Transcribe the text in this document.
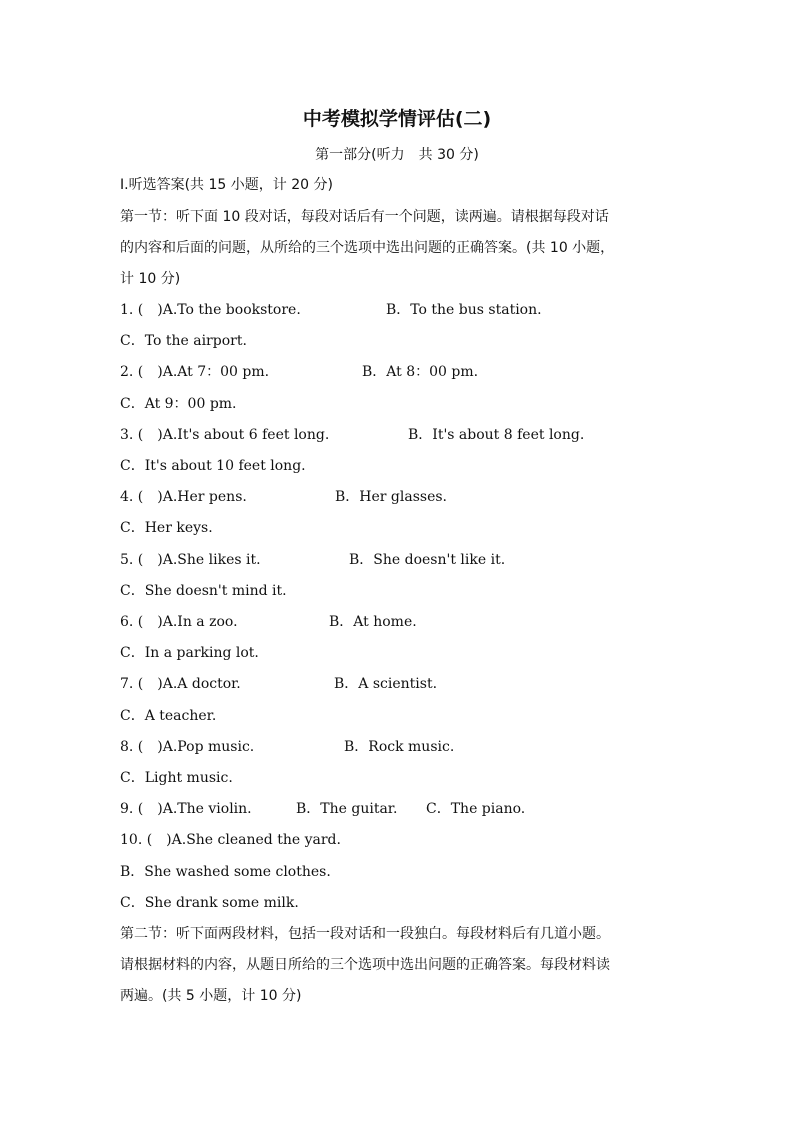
中考模拟学情评估(二)
第一部分(听力　共 30 分)
Ⅰ.听选答案(共 15 小题，计 20 分)
第一节：听下面 10 段对话，每段对话后有一个问题，读两遍。请根据每段对话
的内容和后面的问题，从所给的三个选项中选出问题的正确答案。(共 10 小题，
计 10 分)
1. (　)A.To the bookstore.	B．To the bus station.
C．To the airport.
2. (　)A.At 7：00 pm.	B．At 8：00 pm.
C．At 9：00 pm.
3. (　)A.It's about 6 feet long.	B．It's about 8 feet long.
C．It's about 10 feet long.
4. (　)A.Her pens.	B．Her glasses.
C．Her keys.
5. (　)A.She likes it.	B．She doesn't like it.
C．She doesn't mind it.
6. (　)A.In a zoo.	B．At home.
C．In a parking lot.
7. (　)A.A doctor.	B．A scientist.
C．A teacher.
8. (　)A.Pop music.	B．Rock music.
C．Light music.
9. (　)A.The violin.	B．The guitar. C．The piano.
10. (　)A.She cleaned the yard.
B．She washed some clothes.
C．She drank some milk.
第二节：听下面两段材料，包括一段对话和一段独白。每段材料后有几道小题。
请根据材料的内容，从题日所给的三个选项中选出问题的正确答案。每段材料读
两遍。(共 5 小题，计 10 分)
